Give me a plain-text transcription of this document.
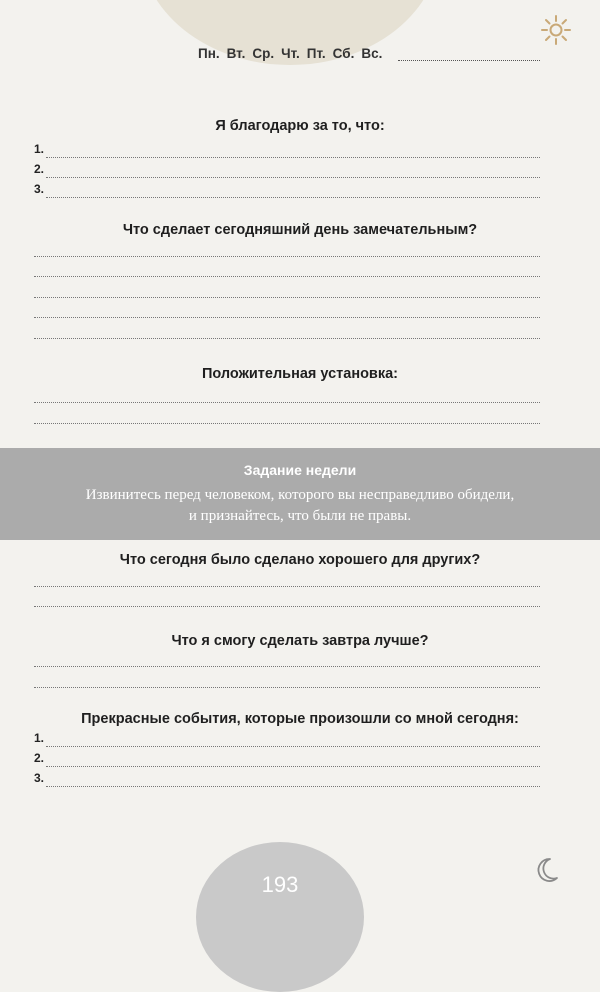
Пн. Вт. Ср. Чт. Пт. Сб. Вс.
Я благодарю за то, что:
1.
2.
3.
Что сделает сегодняшний день замечательным?
Положительная установка:
Задание недели
Извинитесь перед человеком, которого вы несправедливо обидели,
и признайтесь, что были не правы.
Что сегодня было сделано хорошего для других?
Что я смогу сделать завтра лучше?
Прекрасные события, которые произошли со мной сегодня:
1.
2.
3.
193
